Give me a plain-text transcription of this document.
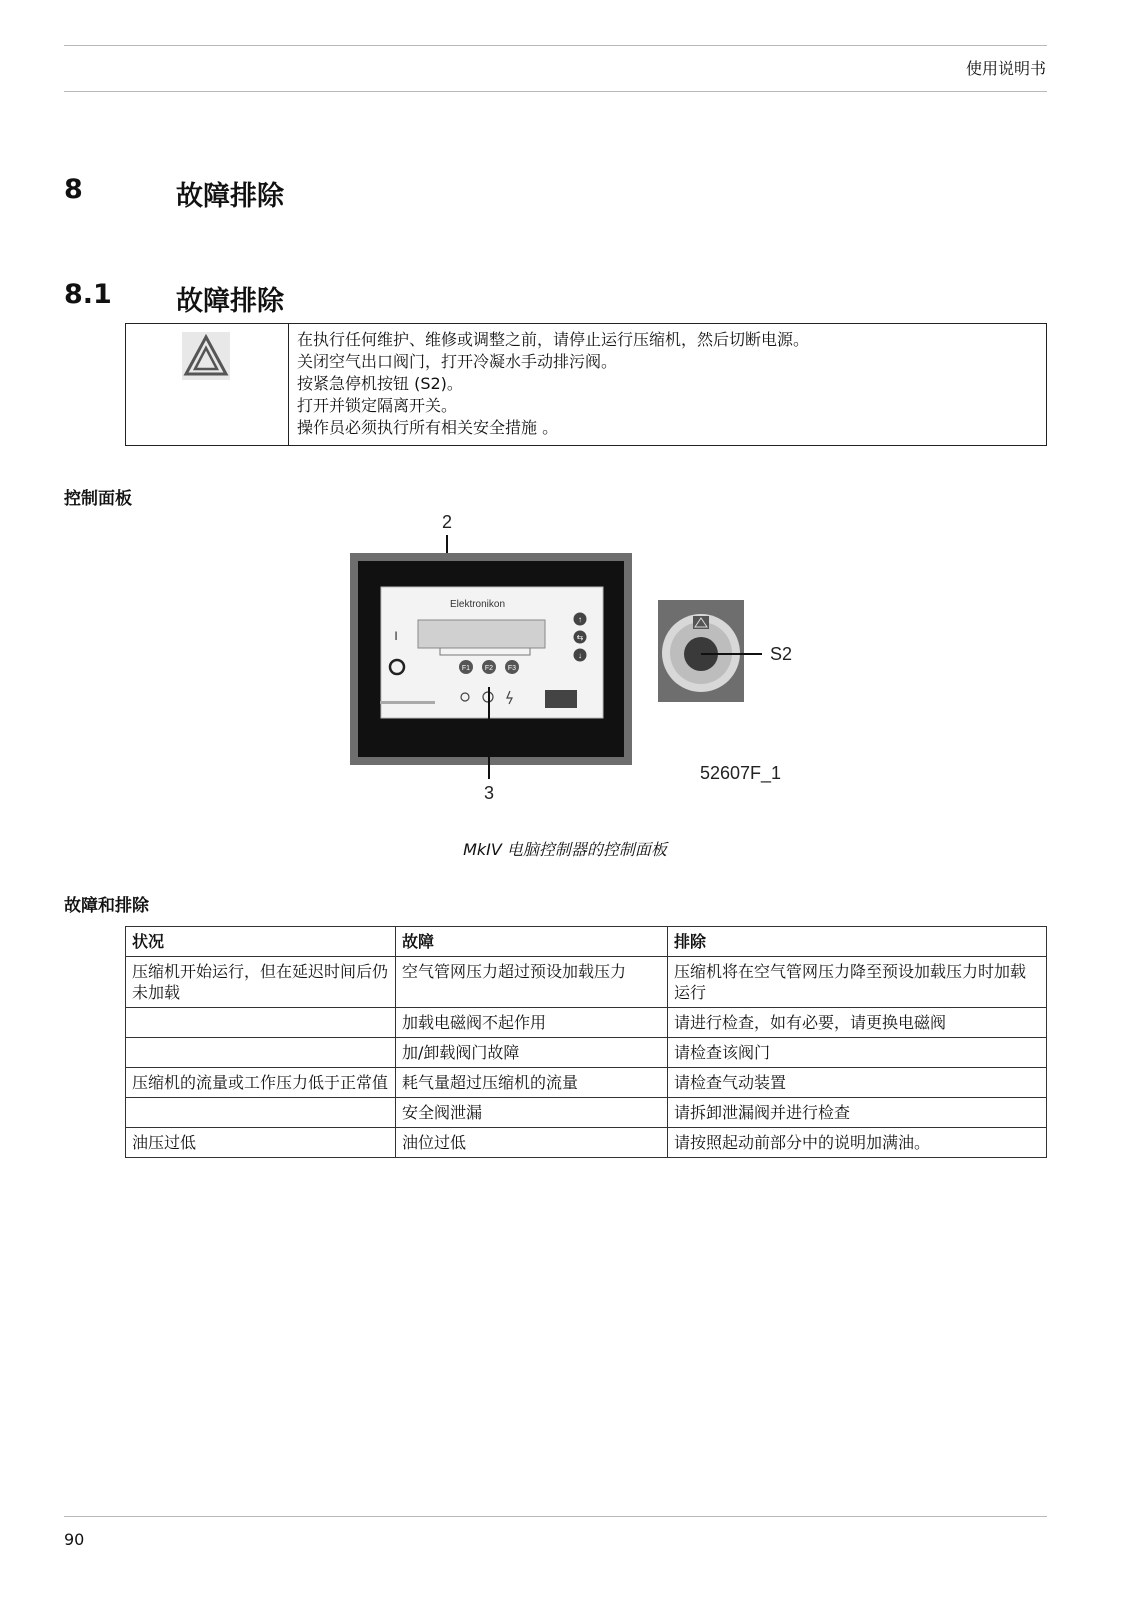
使用说明书
8	故障排除
8.1 故障排除
在执行任何维护、维修或调整之前，请停止运行压缩机，然后切断电源。
关闭空气出口阀门，打开冷凝水手动排污阀。
按紧急停机按钮 (S2)。
打开并锁定隔离开关。
操作员必须执行所有相关安全措施 。
控制面板
2
Elektronikon
I
↑
⇆
↓
F1 F2 F3
3
S2
52607F_1
MkIV 电脑控制器的控制面板
故障和排除
状况	故障	排除
压缩机开始运行，但在延迟时间后仍未加载	空气管网压力超过预设加载压力	压缩机将在空气管网压力降至预设加载压力时加载运行
	加载电磁阀不起作用	请进行检查，如有必要，请更换电磁阀
	加/卸载阀门故障	请检查该阀门
压缩机的流量或工作压力低于正常值	耗气量超过压缩机的流量	请检查气动装置
	安全阀泄漏	请拆卸泄漏阀并进行检查
油压过低	油位过低	请按照起动前部分中的说明加满油。
90
